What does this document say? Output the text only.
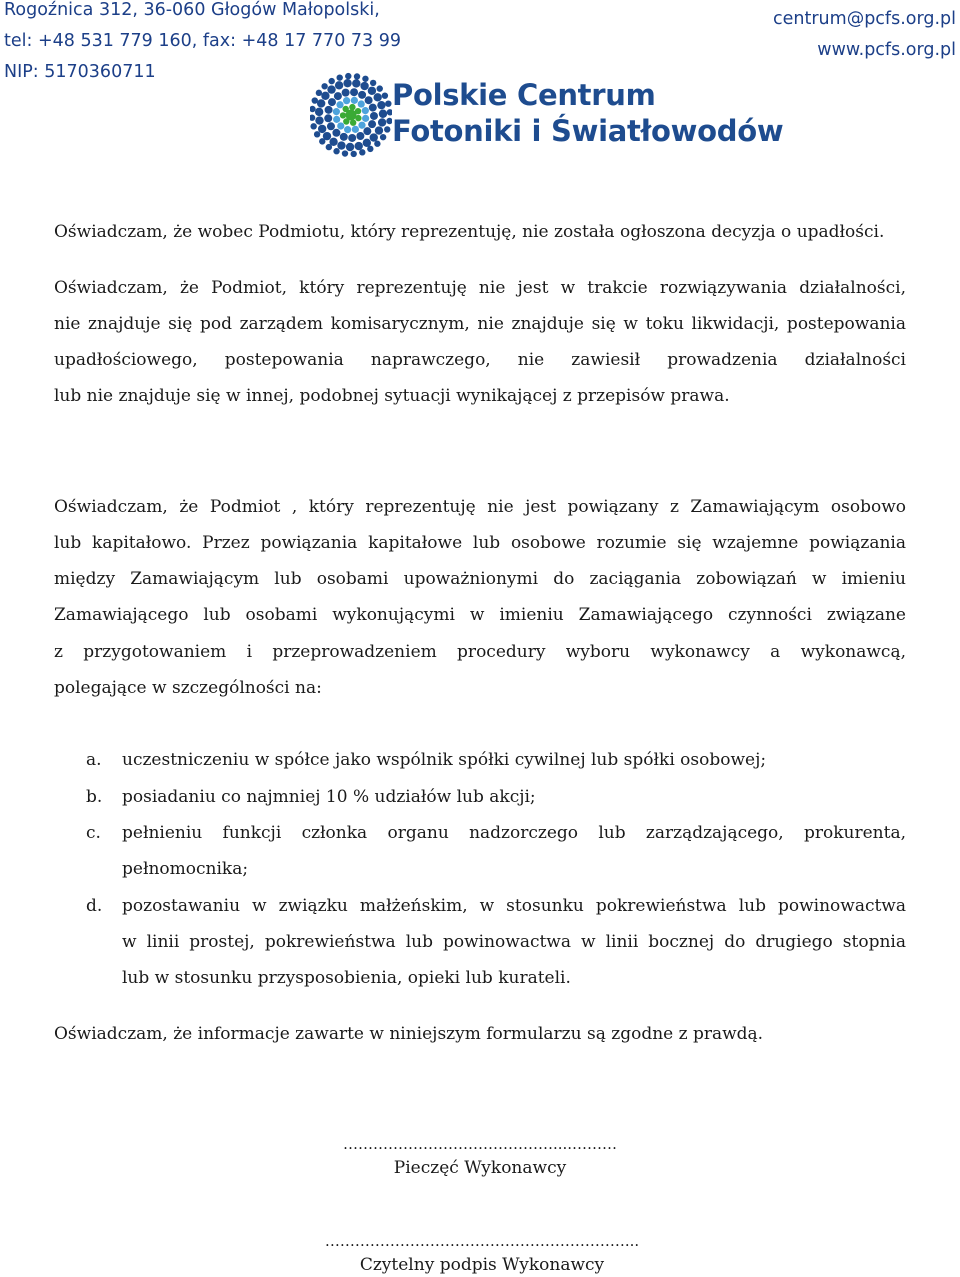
Rogoźnica 312, 36-060 Głogów Małopolski,
tel: +48 531 779 160, fax: +48 17 770 73 99
NIP: 5170360711
centrum@pcfs.org.pl
www.pcfs.org.pl
Polskie Centrum
Fotoniki i Światłowodów
Oświadczam, że wobec Podmiotu, który reprezentuję, nie została ogłoszona decyzja o upadłości.
Oświadczam, że Podmiot, który reprezentuję nie jest w trakcie rozwiązywania działalności,
nie znajduje się pod zarządem komisarycznym, nie znajduje się w toku likwidacji, postepowania
upadłościowego, postepowania naprawczego, nie zawiesił prowadzenia działalności
lub nie znajduje się w innej, podobnej sytuacji wynikającej z przepisów prawa.
Oświadczam, że Podmiot , który reprezentuję nie jest powiązany z Zamawiającym osobowo
lub kapitałowo. Przez powiązania kapitałowe lub osobowe rozumie się wzajemne powiązania
między Zamawiającym lub osobami upoważnionymi do zaciągania zobowiązań w imieniu
Zamawiającego lub osobami wykonującymi w imieniu Zamawiającego czynności związane
z przygotowaniem i przeprowadzeniem procedury wyboru wykonawcy a wykonawcą,
polegające w szczególności na:
a. uczestniczeniu w spółce jako wspólnik spółki cywilnej lub spółki osobowej;
b. posiadaniu co najmniej 10 % udziałów lub akcji;
c. pełnieniu funkcji członka organu nadzorczego lub zarządzającego, prokurenta,
pełnomocnika;
d. pozostawaniu w związku małżeńskim, w stosunku pokrewieństwa lub powinowactwa
w linii prostej, pokrewieństwa lub powinowactwa w linii bocznej do drugiego stopnia
lub w stosunku przysposobienia, opieki lub kurateli.
Oświadczam, że informacje zawarte w niniejszym formularzu są zgodne z prawdą.
……………………………………....………
Pieczęć Wykonawcy
……………………………………………………...
Czytelny podpis Wykonawcy
